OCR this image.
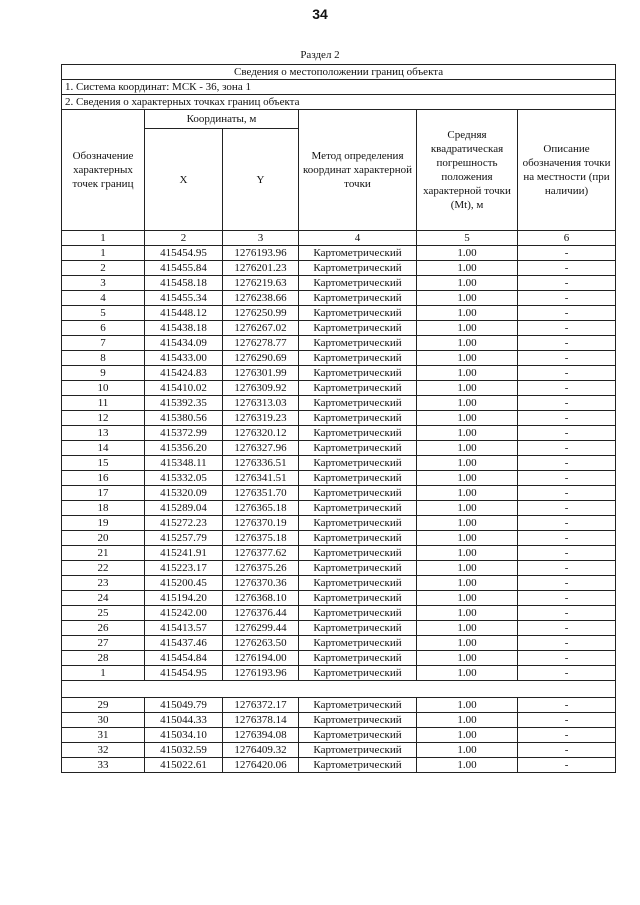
34
Раздел 2
Сведения о местоположении границ объекта					
1. Система координат: МСК - 36, зона 1					
2. Сведения о характерных точках границ объекта					
Обозначение характерных точек границ	Координаты, м		Метод определения координат характерной точки	Средняя квадратическая погрешность положения характерной точки (Mt), м	Описание обозначения точки на местности (при наличии)
	X	Y			
1	2	3	4	5	6
1	415454.95	1276193.96	Картометрический	1.00	-
2	415455.84	1276201.23	Картометрический	1.00	-
3	415458.18	1276219.63	Картометрический	1.00	-
4	415455.34	1276238.66	Картометрический	1.00	-
5	415448.12	1276250.99	Картометрический	1.00	-
6	415438.18	1276267.02	Картометрический	1.00	-
7	415434.09	1276278.77	Картометрический	1.00	-
8	415433.00	1276290.69	Картометрический	1.00	-
9	415424.83	1276301.99	Картометрический	1.00	-
10	415410.02	1276309.92	Картометрический	1.00	-
11	415392.35	1276313.03	Картометрический	1.00	-
12	415380.56	1276319.23	Картометрический	1.00	-
13	415372.99	1276320.12	Картометрический	1.00	-
14	415356.20	1276327.96	Картометрический	1.00	-
15	415348.11	1276336.51	Картометрический	1.00	-
16	415332.05	1276341.51	Картометрический	1.00	-
17	415320.09	1276351.70	Картометрический	1.00	-
18	415289.04	1276365.18	Картометрический	1.00	-
19	415272.23	1276370.19	Картометрический	1.00	-
20	415257.79	1276375.18	Картометрический	1.00	-
21	415241.91	1276377.62	Картометрический	1.00	-
22	415223.17	1276375.26	Картометрический	1.00	-
23	415200.45	1276370.36	Картометрический	1.00	-
24	415194.20	1276368.10	Картометрический	1.00	-
25	415242.00	1276376.44	Картометрический	1.00	-
26	415413.57	1276299.44	Картометрический	1.00	-
27	415437.46	1276263.50	Картометрический	1.00	-
28	415454.84	1276194.00	Картометрический	1.00	-
1	415454.95	1276193.96	Картометрический	1.00	-

29	415049.79	1276372.17	Картометрический	1.00	-
30	415044.33	1276378.14	Картометрический	1.00	-
31	415034.10	1276394.08	Картометрический	1.00	-
32	415032.59	1276409.32	Картометрический	1.00	-
33	415022.61	1276420.06	Картометрический	1.00	-
